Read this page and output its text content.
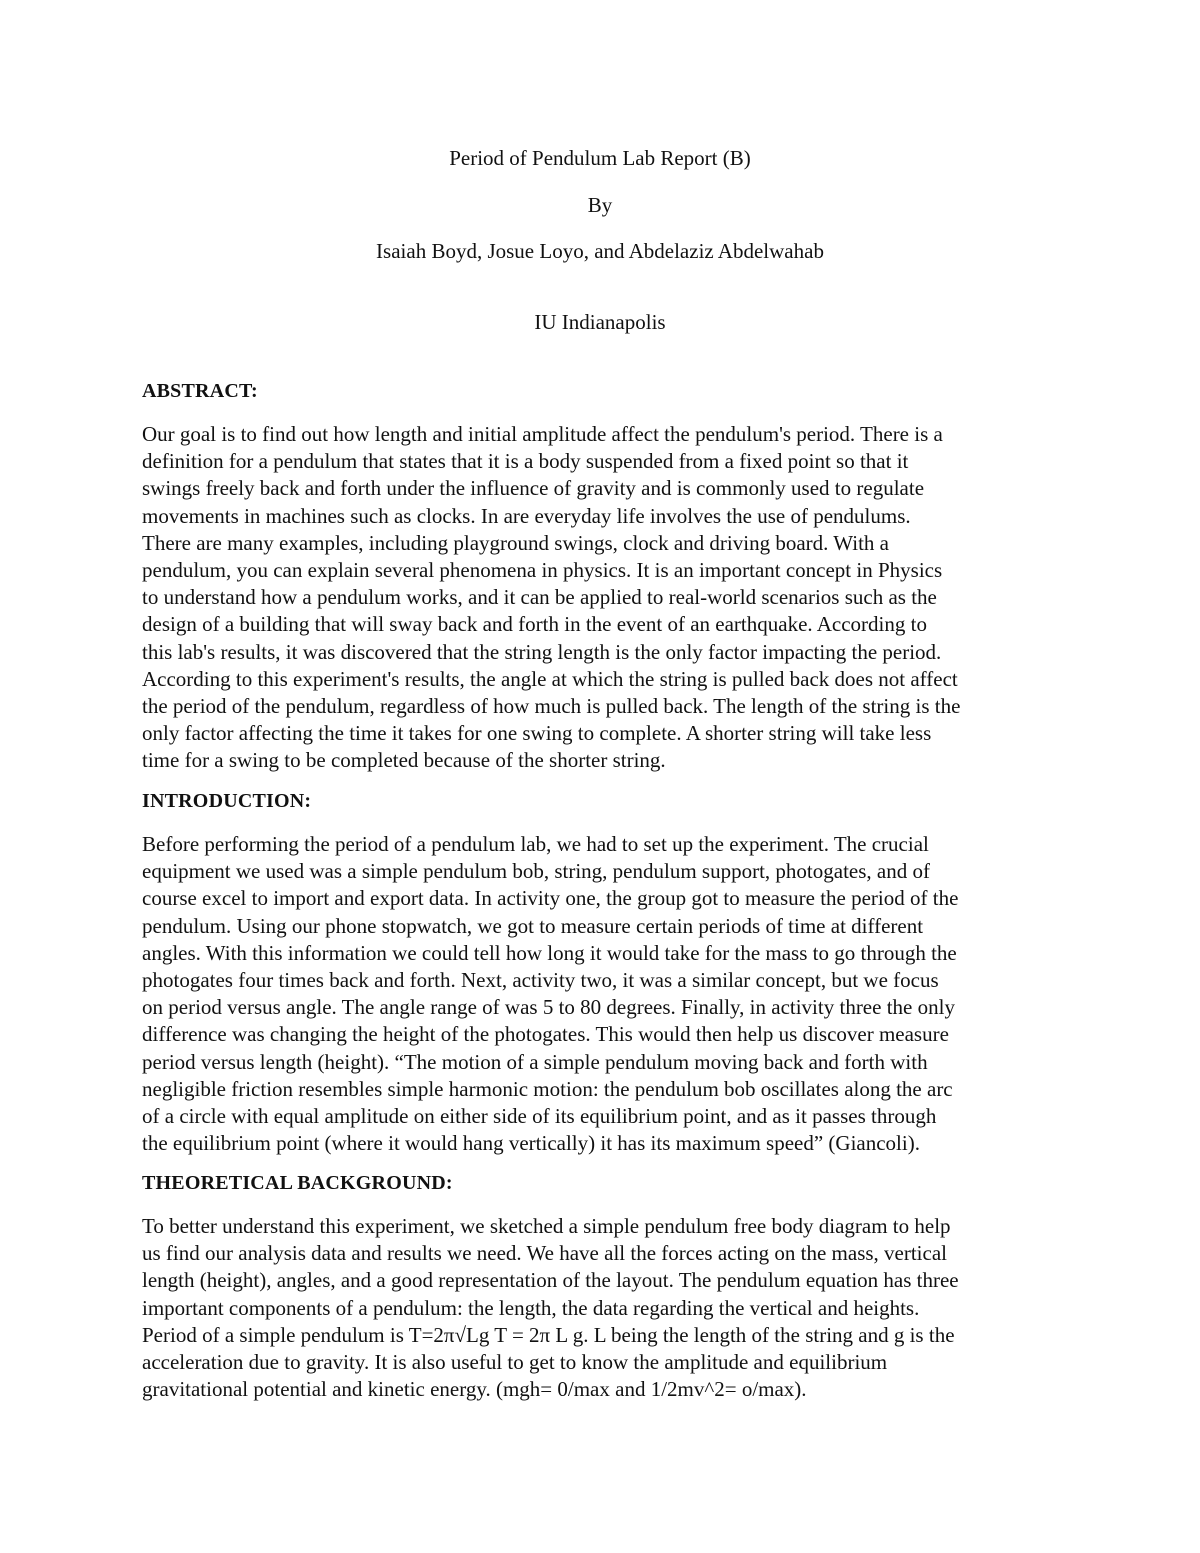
Period of Pendulum Lab Report (B)
By
Isaiah Boyd, Josue Loyo, and Abdelaziz Abdelwahab
IU Indianapolis
ABSTRACT:
Our goal is to find out how length and initial amplitude affect the pendulum's period. There is a
definition for a pendulum that states that it is a body suspended from a fixed point so that it
swings freely back and forth under the influence of gravity and is commonly used to regulate
movements in machines such as clocks. In are everyday life involves the use of pendulums.
There are many examples, including playground swings, clock and driving board. With a
pendulum, you can explain several phenomena in physics. It is an important concept in Physics
to understand how a pendulum works, and it can be applied to real-world scenarios such as the
design of a building that will sway back and forth in the event of an earthquake. According to
this lab's results, it was discovered that the string length is the only factor impacting the period.
According to this experiment's results, the angle at which the string is pulled back does not affect
the period of the pendulum, regardless of how much is pulled back. The length of the string is the
only factor affecting the time it takes for one swing to complete. A shorter string will take less
time for a swing to be completed because of the shorter string.
INTRODUCTION:
Before performing the period of a pendulum lab, we had to set up the experiment. The crucial
equipment we used was a simple pendulum bob, string, pendulum support, photogates, and of
course excel to import and export data. In activity one, the group got to measure the period of the
pendulum. Using our phone stopwatch, we got to measure certain periods of time at different
angles. With this information we could tell how long it would take for the mass to go through the
photogates four times back and forth. Next, activity two, it was a similar concept, but we focus
on period versus angle. The angle range of was 5 to 80 degrees. Finally, in activity three the only
difference was changing the height of the photogates. This would then help us discover measure
period versus length (height). “The motion of a simple pendulum moving back and forth with
negligible friction resembles simple harmonic motion: the pendulum bob oscillates along the arc
of a circle with equal amplitude on either side of its equilibrium point, and as it passes through
the equilibrium point (where it would hang vertically) it has its maximum speed” (Giancoli).
THEORETICAL BACKGROUND:
To better understand this experiment, we sketched a simple pendulum free body diagram to help
us find our analysis data and results we need. We have all the forces acting on the mass, vertical
length (height), angles, and a good representation of the layout. The pendulum equation has three
important components of a pendulum: the length, the data regarding the vertical and heights.
Period of a simple pendulum is T=2π√Lg T = 2π L g. L being the length of the string and g is the
acceleration due to gravity. It is also useful to get to know the amplitude and equilibrium
gravitational potential and kinetic energy. (mgh= 0/max and 1/2mv^2= o/max).
